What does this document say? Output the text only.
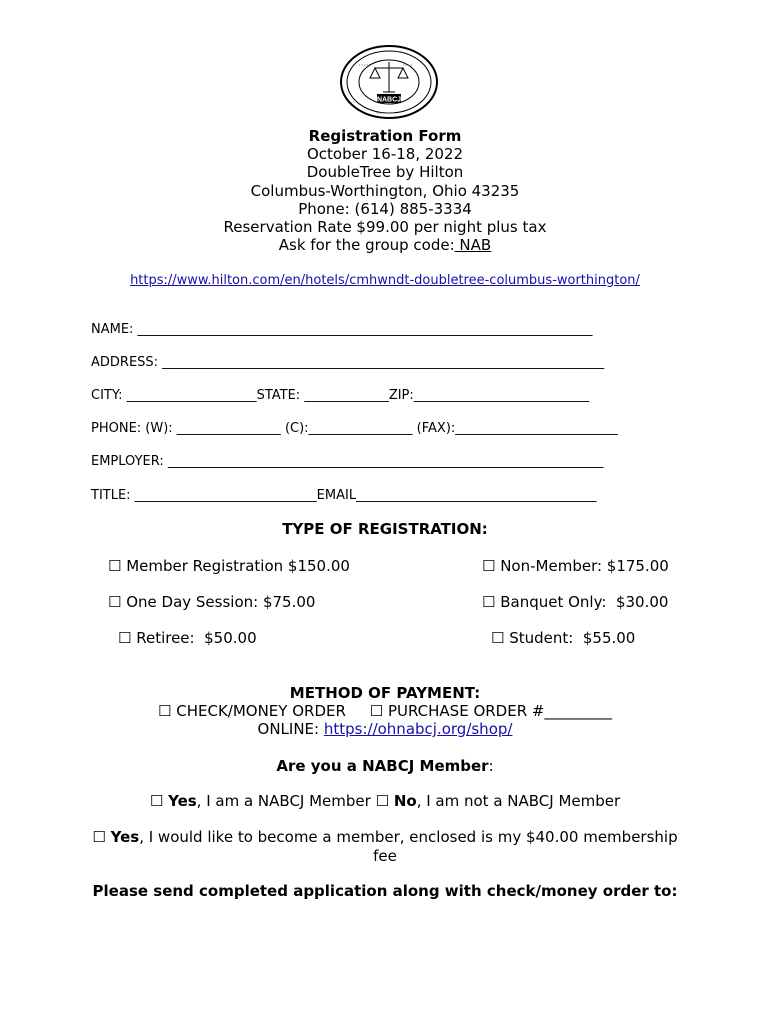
NABCJ
• • • •	• • • •
• • • • • • •
Registration Form
October 16-18, 2022
DoubleTree by Hilton
Columbus-Worthington, Ohio 43235
Phone: (614) 885-3334
Reservation Rate $99.00 per night plus tax
Ask for the group code: NAB
https://www.hilton.com/en/hotels/cmhwndt-doubletree-columbus-worthington/
NAME: ______________________________________________________________________
ADDRESS: ____________________________________________________________________
CITY: ____________________STATE: _____________ZIP:___________________________
PHONE: (W): ________________ (C):________________ (FAX):_________________________
EMPLOYER: ___________________________________________________________________
TITLE: ____________________________EMAIL_____________________________________
TYPE OF REGISTRATION:
☐ Member Registration $150.00	☐ Non-Member: $175.00
☐ One Day Session: $75.00	☐ Banquet Only:  $30.00
☐ Retiree:  $50.00	☐ Student:  $55.00
METHOD OF PAYMENT:
☐ CHECK/MONEY ORDER ☐ PURCHASE ORDER #_________
ONLINE: https://ohnabcj.org/shop/
Are you a NABCJ Member:
☐ Yes, I am a NABCJ Member ☐ No, I am not a NABCJ Member
☐ Yes, I would like to become a member, enclosed is my $40.00 membership
fee
Please send completed application along with check/money order to:
